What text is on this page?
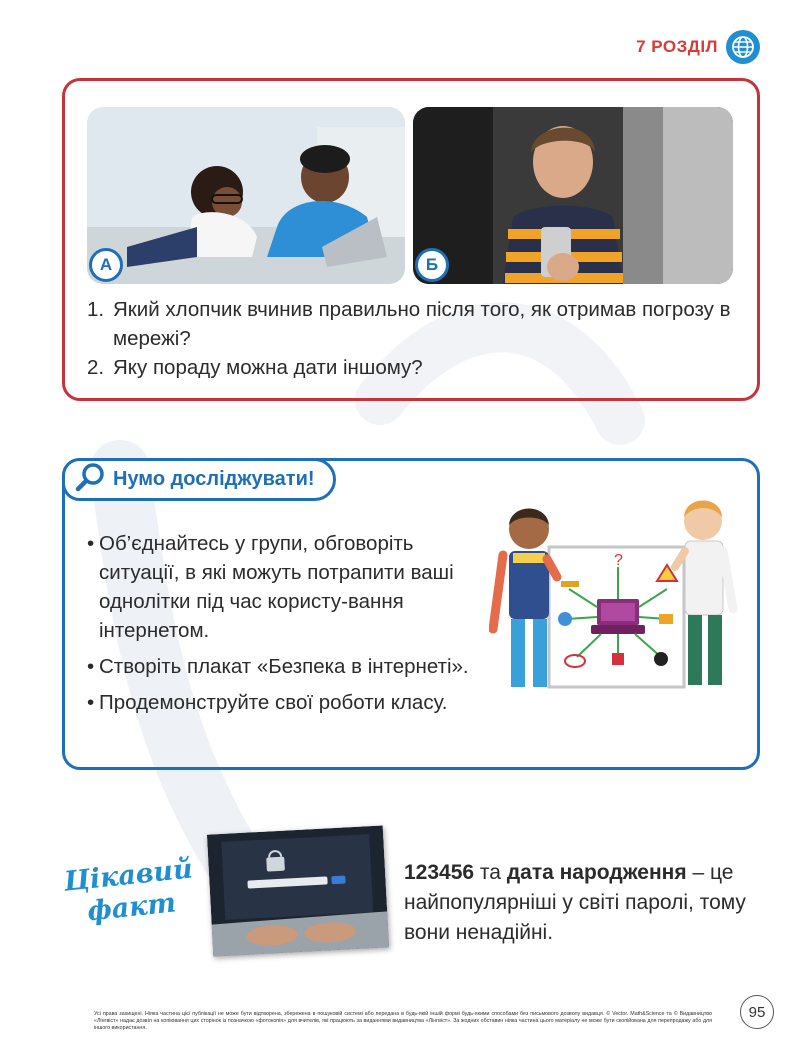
7 РОЗДІЛ
А	Б
1. Який хлопчик вчинив правильно після того, як отримав погрозу в мережі?
2. Яку пораду можна дати іншому?
Нумо досліджувати!
• Об’єднайтесь у групи, обговоріть ситуації, в які можуть потрапити ваші однолітки під час користу-вання інтернетом.
• Створіть плакат «Безпека в інтернеті».
• Продемонструйте свої роботи класу.
?
Цікавий
факт
123456 та дата народження – це найпопулярніші у світі паролі, тому вони ненадійні.
95
Усі права захищені. Ніяка частина цієї публікації не може бути відтворена, збережена в пошуковій системі або передана в будь-якій іншій формі будь-якими способами без письмового дозволу видавця. © Vector. Math&Science та © Видавництво «Лінгвіст» надає дозвіл на копіювання цих сторінок із позначкою «фотокопія» для вчителів, які працюють за виданнями видавництва «Лінгвіст». За жодних обставин ніяка частина цього матеріалу не може бути скопійована для перепродажу або для іншого використання.
